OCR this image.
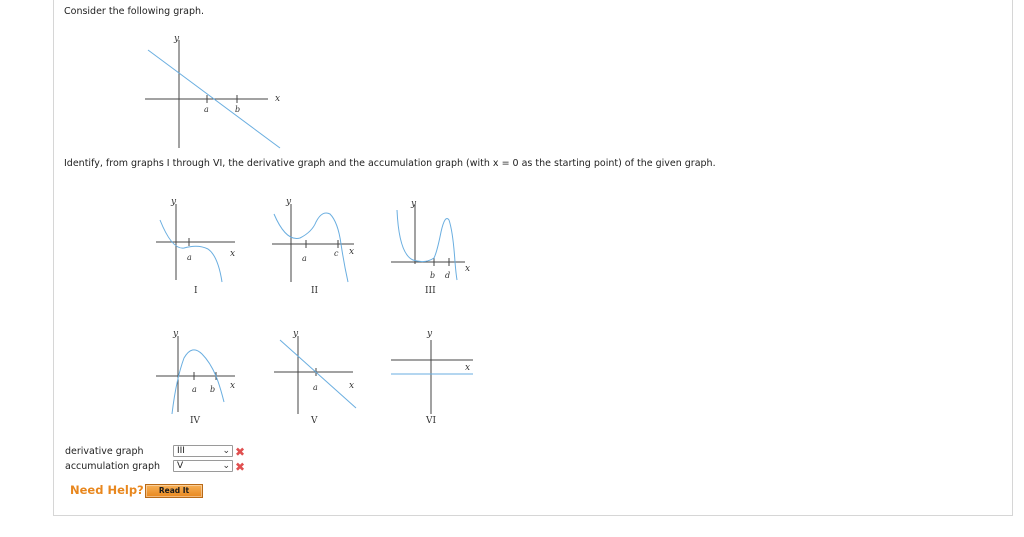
Consider the following graph.
y
x
a	b
Identify, from graphs I through VI, the derivative graph and the accumulation graph (with x = 0 as the starting point) of the given graph.
y
x
a
I
y
x
a
c
II
y
x
b d
III
y
x
a b
IV
y
x
a
V
y
x
VI
derivative graph	III	⌄ ✖
accumulation graph	V	⌄ ✖
Need Help?	Read It
